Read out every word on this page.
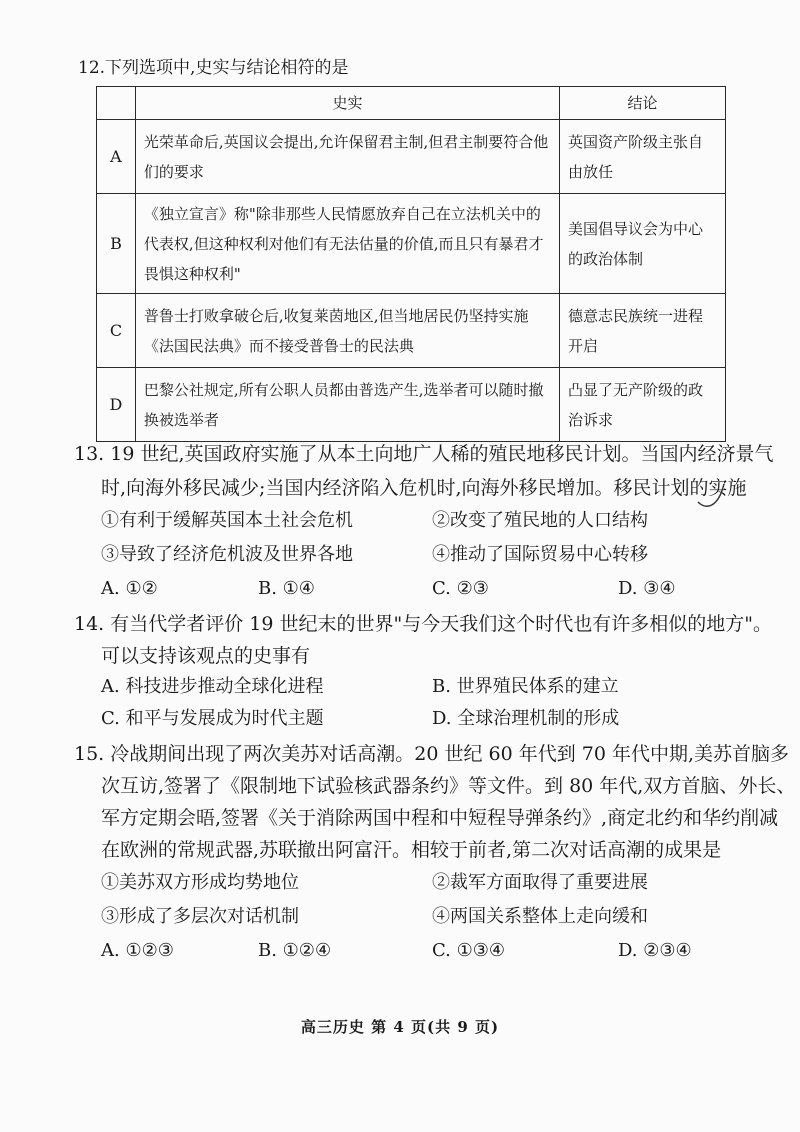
12.下列选项中,史实与结论相符的是
	史实	结论
A	光荣革命后,英国议会提出,允许保留君主制,但君主制要符合他们的要求	英国资产阶级主张自由放任
B	《独立宣言》称"除非那些人民情愿放弃自己在立法机关中的代表权,但这种权利对他们有无法估量的价值,而且只有暴君才畏惧这种权利"	美国倡导议会为中心的政治体制
C	普鲁士打败拿破仑后,收复莱茵地区,但当地居民仍坚持实施《法国民法典》而不接受普鲁士的民法典	德意志民族统一进程开启
D	巴黎公社规定,所有公职人员都由普选产生,选举者可以随时撤换被选举者	凸显了无产阶级的政治诉求
13. 19 世纪,英国政府实施了从本土向地广人稀的殖民地移民计划。当国内经济景气
时,向海外移民减少;当国内经济陷入危机时,向海外移民增加。移民计划的实施
①有利于缓解英国本土社会危机	②改变了殖民地的人口结构
③导致了经济危机波及世界各地	④推动了国际贸易中心转移
A. ①②	B. ①④	C. ②③	D. ③④
14. 有当代学者评价 19 世纪末的世界"与今天我们这个时代也有许多相似的地方"。
可以支持该观点的史事有
A. 科技进步推动全球化进程	B. 世界殖民体系的建立
C. 和平与发展成为时代主题	D. 全球治理机制的形成
15. 冷战期间出现了两次美苏对话高潮。20 世纪 60 年代到 70 年代中期,美苏首脑多
次互访,签署了《限制地下试验核武器条约》等文件。到 80 年代,双方首脑、外长、
军方定期会晤,签署《关于消除两国中程和中短程导弹条约》,商定北约和华约削减
在欧洲的常规武器,苏联撤出阿富汗。相较于前者,第二次对话高潮的成果是
①美苏双方形成均势地位	②裁军方面取得了重要进展
③形成了多层次对话机制	④两国关系整体上走向缓和
A. ①②③	B. ①②④	C. ①③④	D. ②③④
高三历史 第 4 页(共 9 页)
